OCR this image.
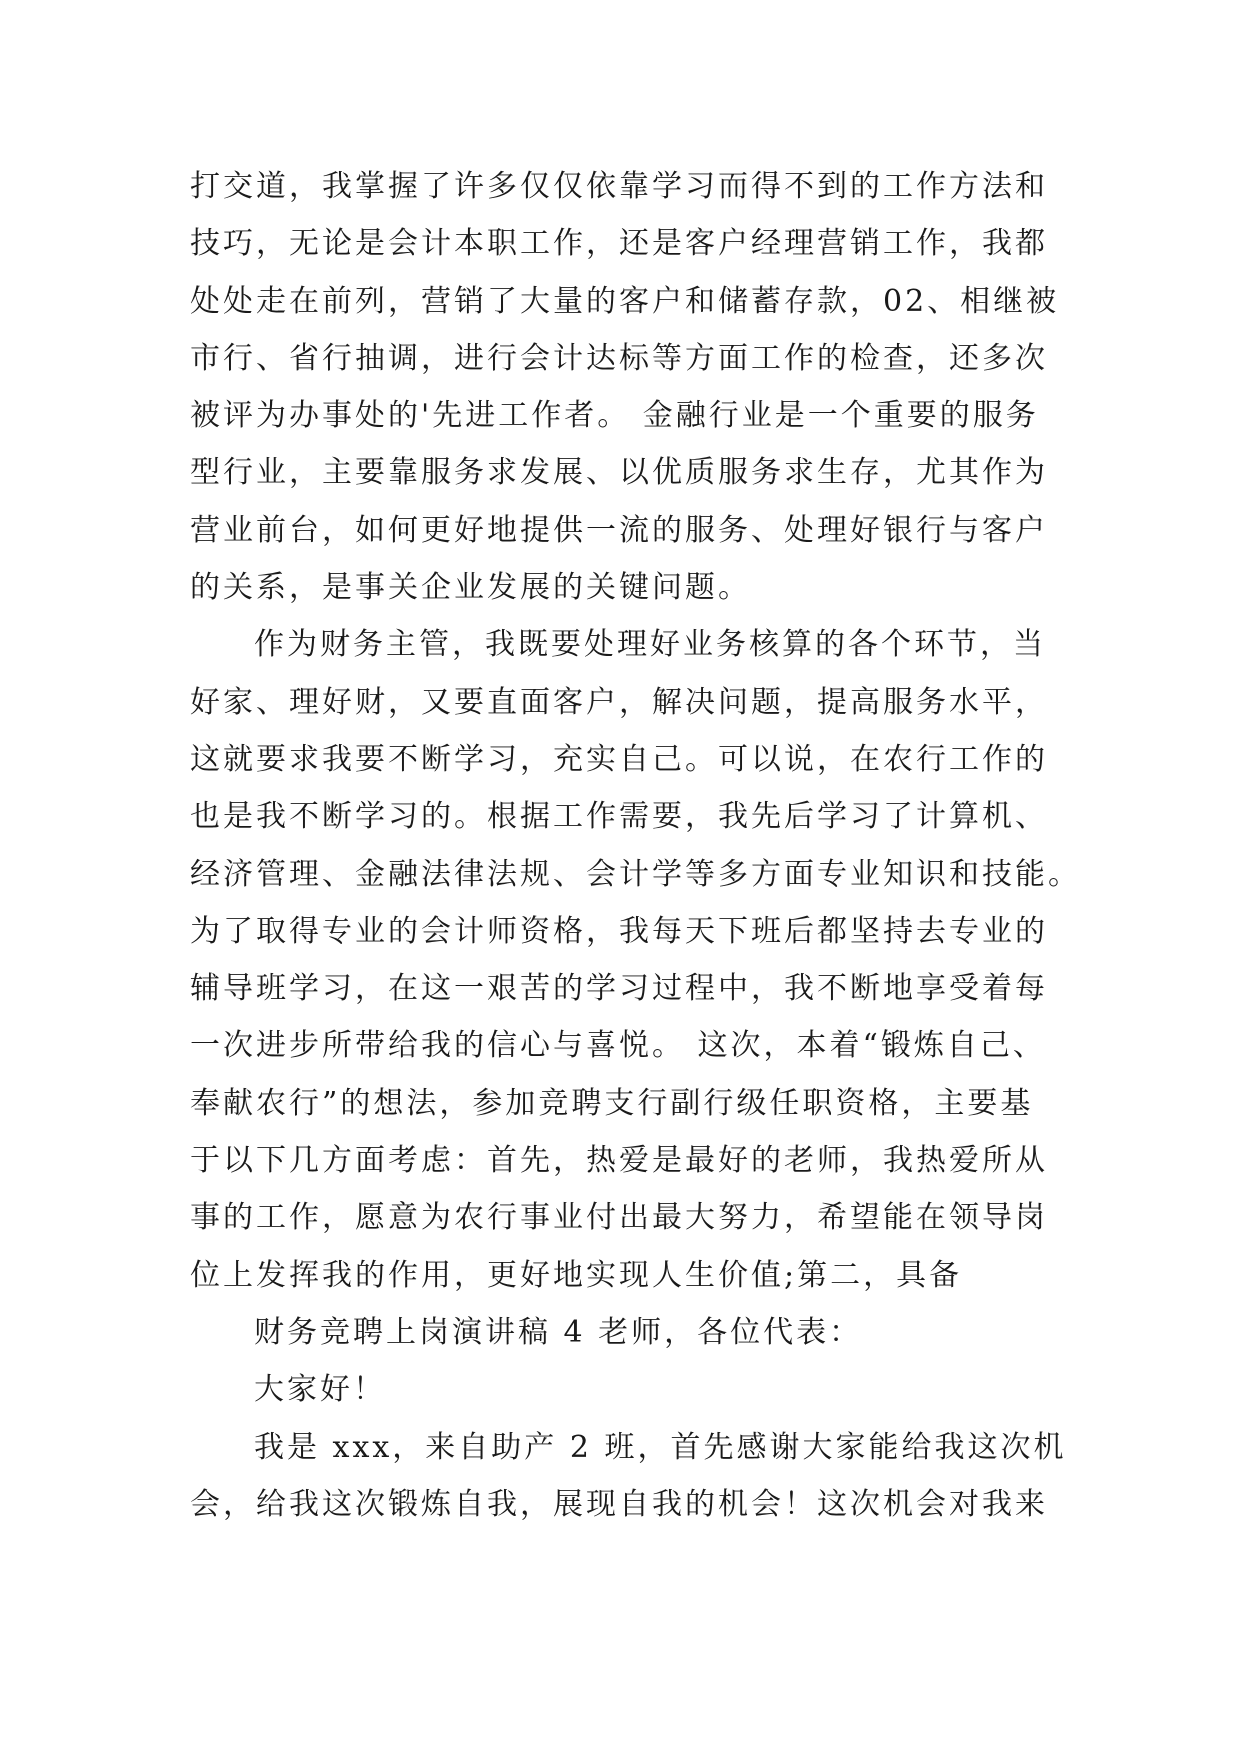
打交道，我掌握了许多仅仅依靠学习而得不到的工作方法和
技巧，无论是会计本职工作，还是客户经理营销工作，我都
处处走在前列，营销了大量的客户和储蓄存款，02、相继被
市行、省行抽调，进行会计达标等方面工作的检查，还多次
被评为办事处的'先进工作者。 金融行业是一个重要的服务
型行业，主要靠服务求发展、以优质服务求生存，尤其作为
营业前台，如何更好地提供一流的服务、处理好银行与客户
的关系，是事关企业发展的关键问题。
作为财务主管，我既要处理好业务核算的各个环节，当
好家、理好财，又要直面客户，解决问题，提高服务水平，
这就要求我要不断学习，充实自己。可以说，在农行工作的
也是我不断学习的。根据工作需要，我先后学习了计算机、
经济管理、金融法律法规、会计学等多方面专业知识和技能。
为了取得专业的会计师资格，我每天下班后都坚持去专业的
辅导班学习，在这一艰苦的学习过程中，我不断地享受着每
一次进步所带给我的信心与喜悦。 这次，本着“锻炼自己、
奉献农行”的想法，参加竞聘支行副行级任职资格，主要基
于以下几方面考虑：首先，热爱是最好的老师，我热爱所从
事的工作，愿意为农行事业付出最大努力，希望能在领导岗
位上发挥我的作用，更好地实现人生价值;第二，具备
财务竞聘上岗演讲稿 4 老师，各位代表：
大家好！
我是 xxx，来自助产 2 班，首先感谢大家能给我这次机
会，给我这次锻炼自我，展现自我的机会！这次机会对我来
